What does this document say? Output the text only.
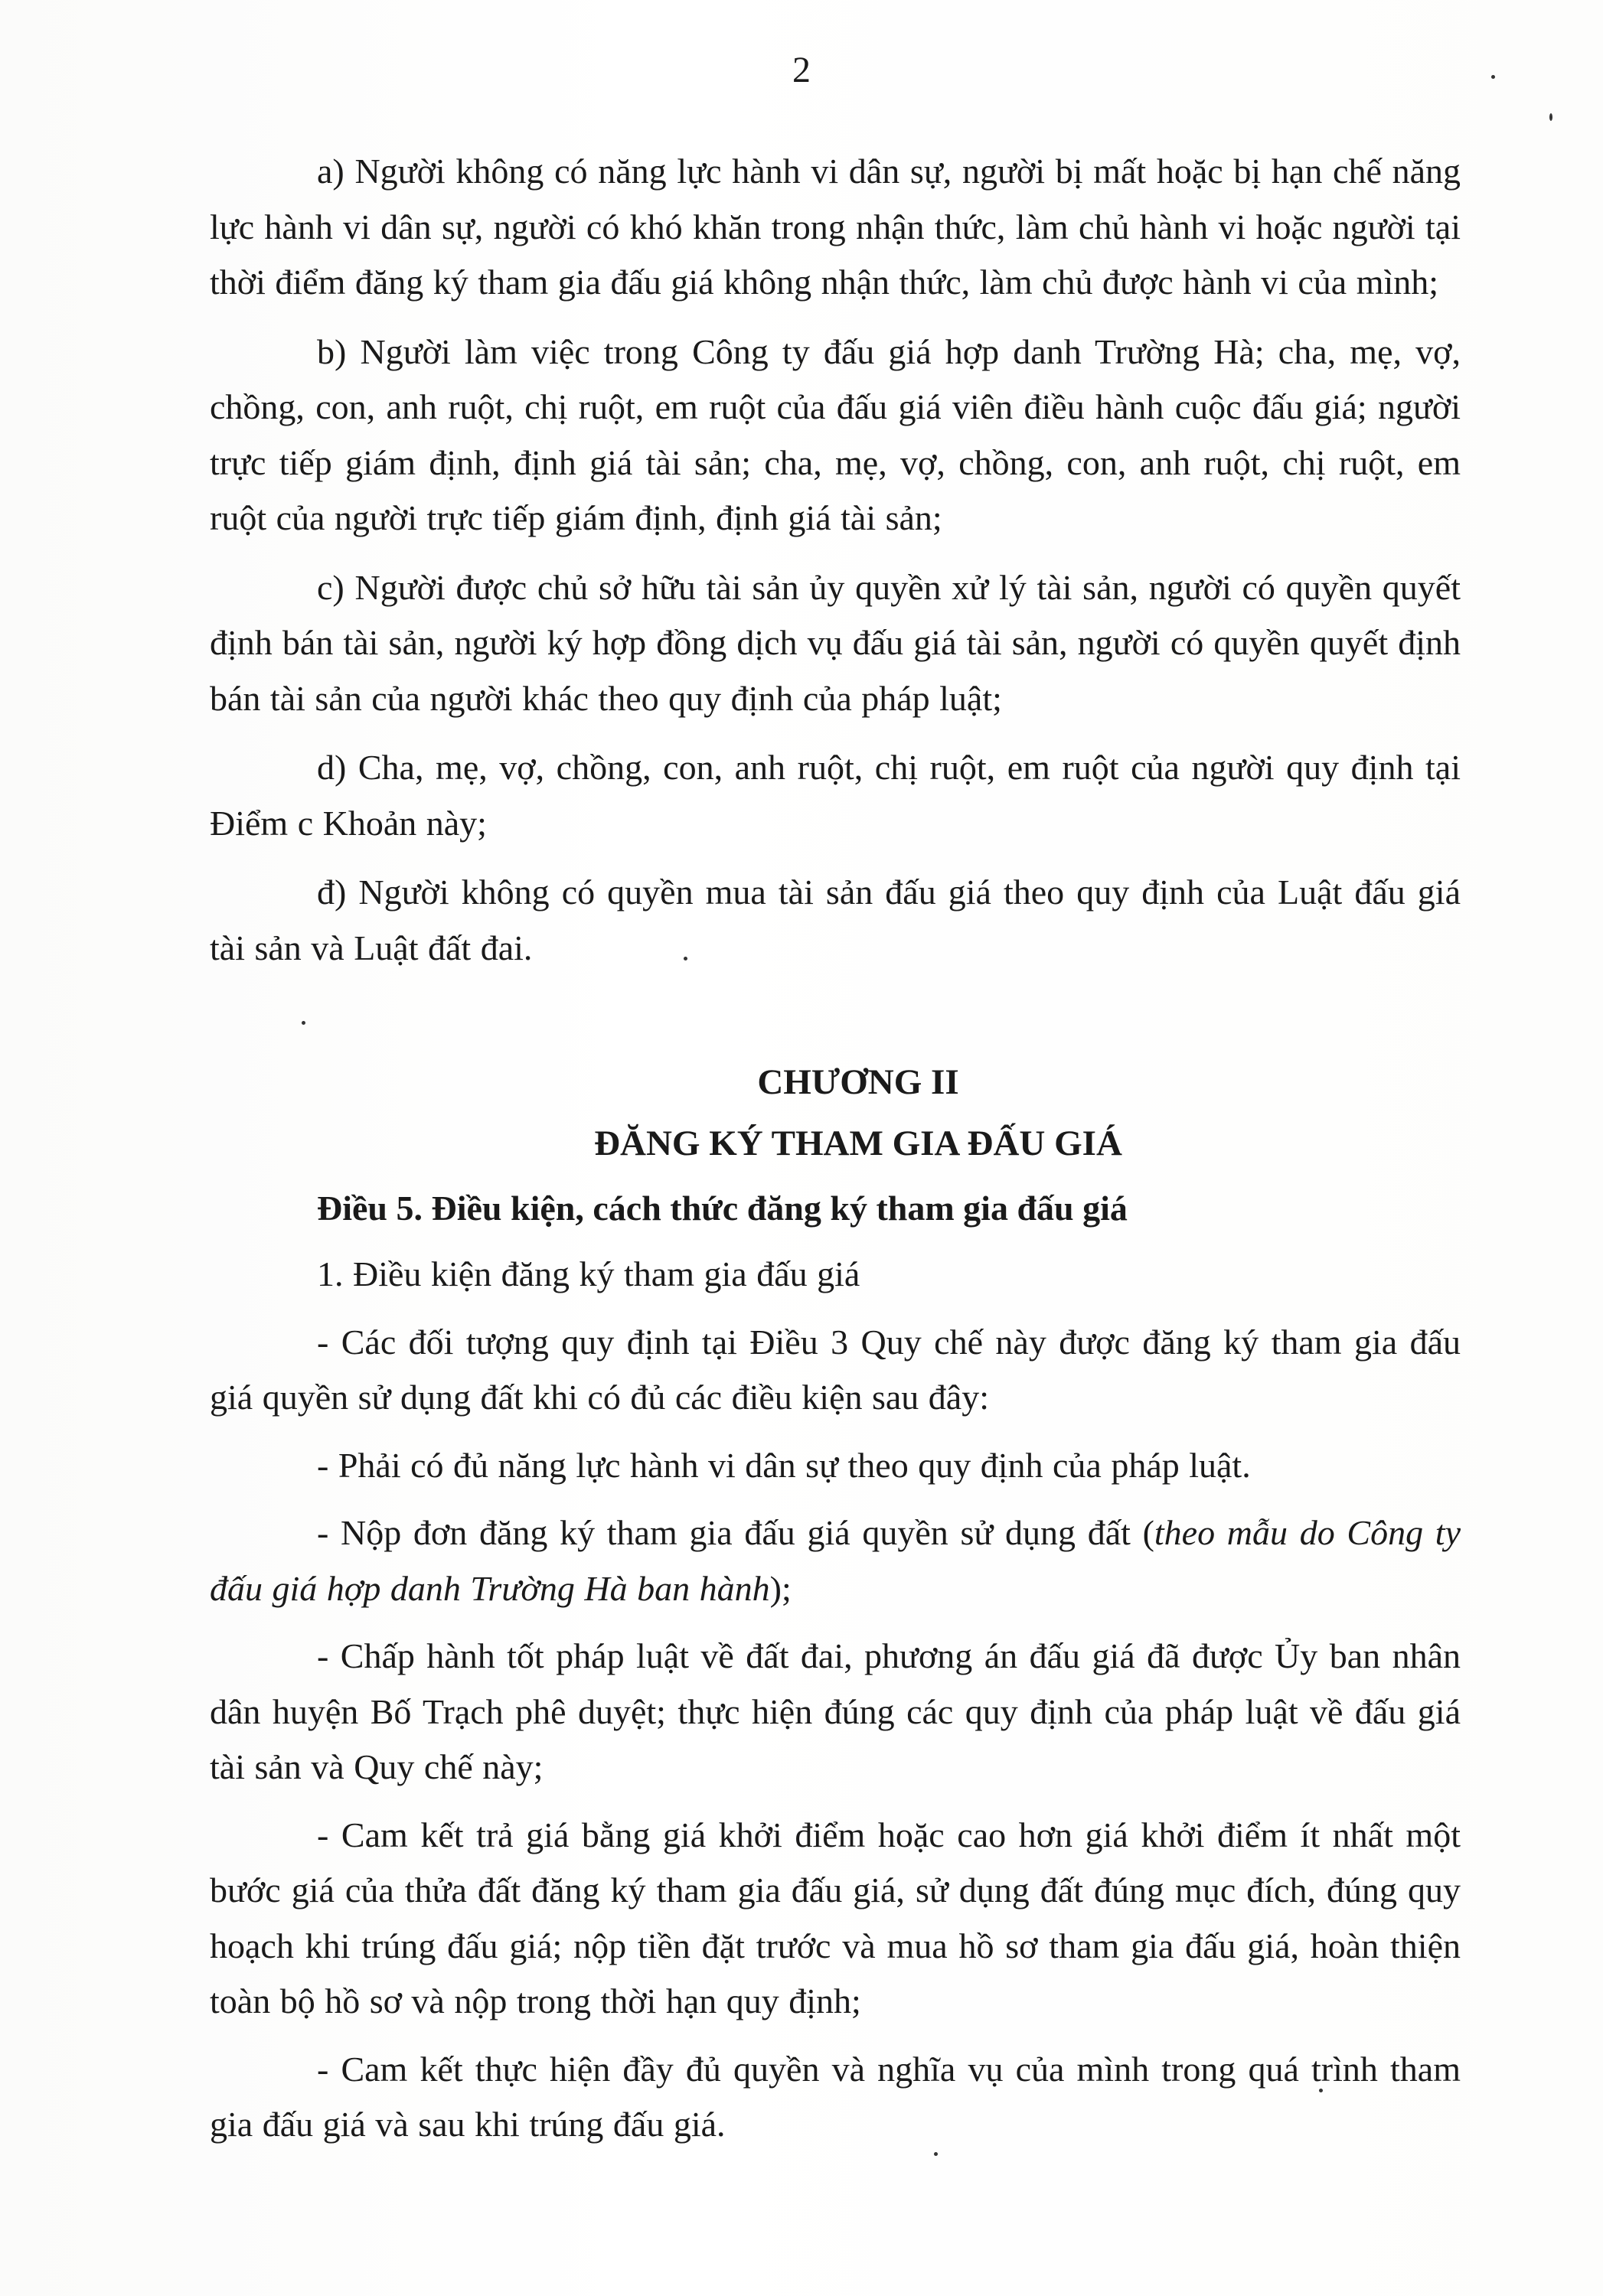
2

a) Người không có năng lực hành vi dân sự, người bị mất hoặc bị hạn chế năng lực hành vi dân sự, người có khó khăn trong nhận thức, làm chủ hành vi hoặc người tại thời điểm đăng ký tham gia đấu giá không nhận thức, làm chủ được hành vi của mình;

b) Người làm việc trong Công ty đấu giá hợp danh Trường Hà; cha, mẹ, vợ, chồng, con, anh ruột, chị ruột, em ruột của đấu giá viên điều hành cuộc đấu giá; người trực tiếp giám định, định giá tài sản; cha, mẹ, vợ, chồng, con, anh ruột, chị ruột, em ruột của người trực tiếp giám định, định giá tài sản;

c) Người được chủ sở hữu tài sản ủy quyền xử lý tài sản, người có quyền quyết định bán tài sản, người ký hợp đồng dịch vụ đấu giá tài sản, người có quyền quyết định bán tài sản của người khác theo quy định của pháp luật;

d) Cha, mẹ, vợ, chồng, con, anh ruột, chị ruột, em ruột của người quy định tại Điểm c Khoản này;

đ) Người không có quyền mua tài sản đấu giá theo quy định của Luật đấu giá tài sản và Luật đất đai.

CHƯƠNG II

ĐĂNG KÝ THAM GIA ĐẤU GIÁ

Điều 5. Điều kiện, cách thức đăng ký tham gia đấu giá

1. Điều kiện đăng ký tham gia đấu giá

- Các đối tượng quy định tại Điều 3 Quy chế này được đăng ký tham gia đấu giá quyền sử dụng đất khi có đủ các điều kiện sau đây:

- Phải có đủ năng lực hành vi dân sự theo quy định của pháp luật.

- Nộp đơn đăng ký tham gia đấu giá quyền sử dụng đất (theo mẫu do Công ty đấu giá hợp danh Trường Hà ban hành);

- Chấp hành tốt pháp luật về đất đai, phương án đấu giá đã được Ủy ban nhân dân huyện Bố Trạch phê duyệt; thực hiện đúng các quy định của pháp luật về đấu giá tài sản và Quy chế này;

- Cam kết trả giá bằng giá khởi điểm hoặc cao hơn giá khởi điểm ít nhất một bước giá của thửa đất đăng ký tham gia đấu giá, sử dụng đất đúng mục đích, đúng quy hoạch khi trúng đấu giá; nộp tiền đặt trước và mua hồ sơ tham gia đấu giá, hoàn thiện toàn bộ hồ sơ và nộp trong thời hạn quy định;

- Cam kết thực hiện đầy đủ quyền và nghĩa vụ của mình trong quá trình tham gia đấu giá và sau khi trúng đấu giá.
